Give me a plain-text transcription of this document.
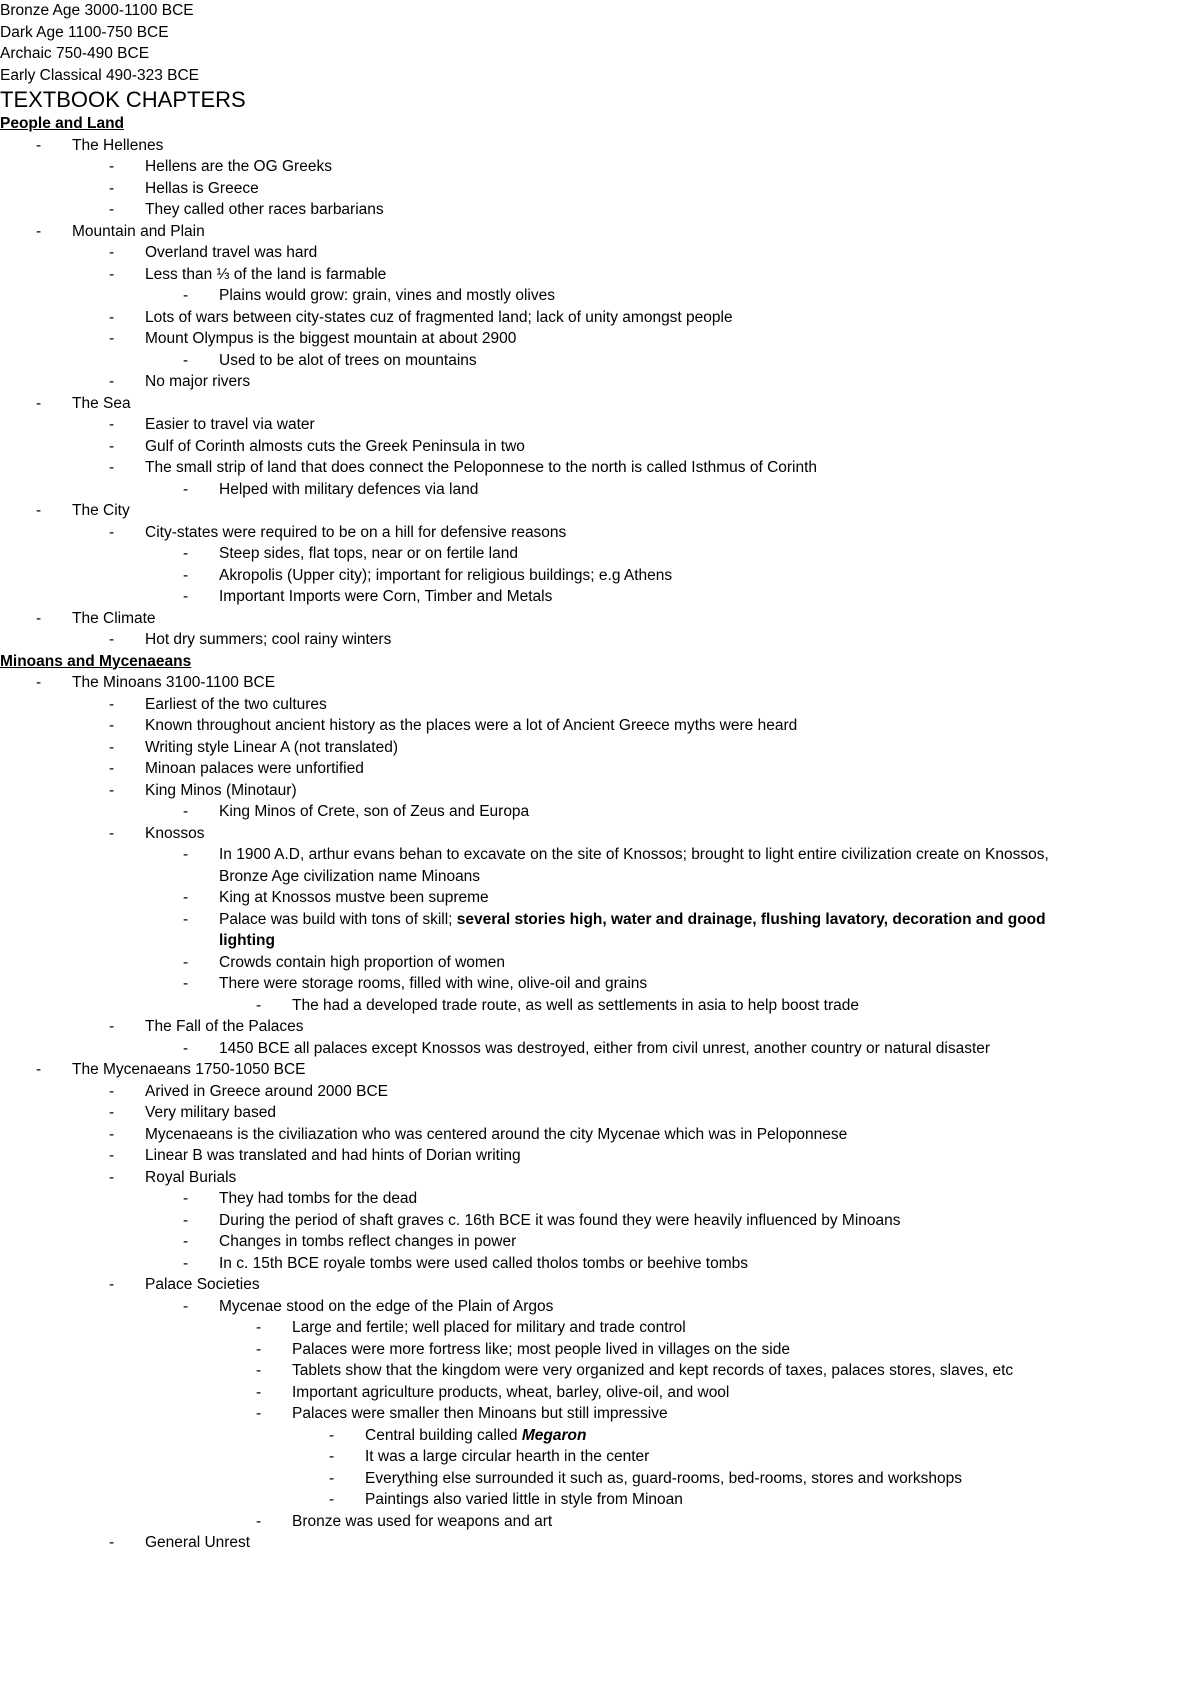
Bronze Age 3000-1100 BCE
Dark Age 1100-750 BCE
Archaic 750-490 BCE
Early Classical 490-323 BCE
TEXTBOOK CHAPTERS
People and Land
- The Hellenes
- Hellens are the OG Greeks
- Hellas is Greece
- They called other races barbarians
- Mountain and Plain
- Overland travel was hard
- Less than ⅓ of the land is farmable
- Plains would grow: grain, vines and mostly olives
- Lots of wars between city-states cuz of fragmented land; lack of unity amongst people
- Mount Olympus is the biggest mountain at about 2900
- Used to be alot of trees on mountains
- No major rivers
- The Sea
- Easier to travel via water
- Gulf of Corinth almosts cuts the Greek Peninsula in two
- The small strip of land that does connect the Peloponnese to the north is called Isthmus of Corinth
- Helped with military defences via land
- The City
- City-states were required to be on a hill for defensive reasons
- Steep sides, flat tops, near or on fertile land
- Akropolis (Upper city); important for religious buildings; e.g Athens
- Important Imports were Corn, Timber and Metals
- The Climate
- Hot dry summers; cool rainy winters
Minoans and Mycenaeans
- The Minoans 3100-1100 BCE
- Earliest of the two cultures
- Known throughout ancient history as the places were a lot of Ancient Greece myths were heard
- Writing style Linear A (not translated)
- Minoan palaces were unfortified
- King Minos (Minotaur)
- King Minos of Crete, son of Zeus and Europa
- Knossos
- In 1900 A.D, arthur evans behan to excavate on the site of Knossos; brought to light entire civilization create on Knossos, Bronze Age civilization name Minoans
- King at Knossos mustve been supreme
- Palace was build with tons of skill; several stories high, water and drainage, flushing lavatory, decoration and good lighting
- Crowds contain high proportion of women
- There were storage rooms, filled with wine, olive-oil and grains
- The had a developed trade route, as well as settlements in asia to help boost trade
- The Fall of the Palaces
- 1450 BCE all palaces except Knossos was destroyed, either from civil unrest, another country or natural disaster
- The Mycenaeans 1750-1050 BCE
- Arived in Greece around 2000 BCE
- Very military based
- Mycenaeans is the civiliazation who was centered around the city Mycenae which was in Peloponnese
- Linear B was translated and had hints of Dorian writing
- Royal Burials
- They had tombs for the dead
- During the period of shaft graves c. 16th BCE it was found they were heavily influenced by Minoans
- Changes in tombs reflect changes in power
- In c. 15th BCE royale tombs were used called tholos tombs or beehive tombs
- Palace Societies
- Mycenae stood on the edge of the Plain of Argos
- Large and fertile; well placed for military and trade control
- Palaces were more fortress like; most people lived in villages on the side
- Tablets show that the kingdom were very organized and kept records of taxes, palaces stores, slaves, etc
- Important agriculture products, wheat, barley, olive-oil, and wool
- Palaces were smaller then Minoans but still impressive
- Central building called Megaron
- It was a large circular hearth in the center
- Everything else surrounded it such as, guard-rooms, bed-rooms, stores and workshops
- Paintings also varied little in style from Minoan
- Bronze was used for weapons and art
- General Unrest
